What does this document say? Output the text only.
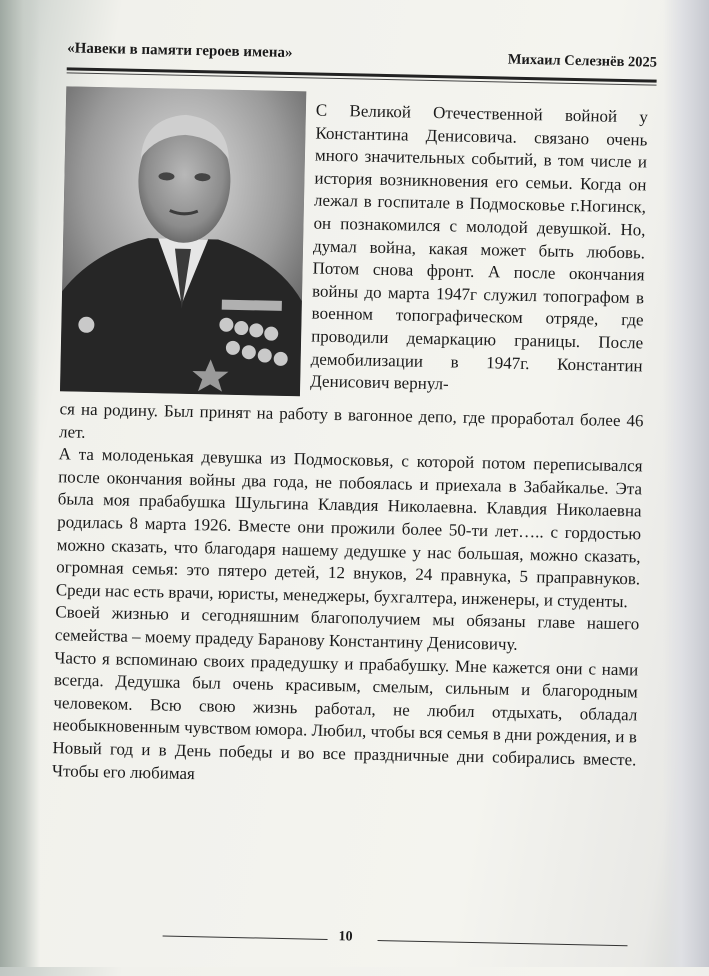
«Навеки в памяти героев имена»
Михаил Селезнёв 2025

С Великой Отечественной войной у Константина Денисовича. связано очень много значительных событий, в том числе и история возникновения его семьи. Когда он лежал в госпитале в Подмосковье г.Ногинск, он познакомился с молодой девушкой. Но, думал война, какая может быть любовь. Потом снова фронт. А после окончания войны до марта 1947г служил топографом в военном топографическом отряде, где проводили демаркацию границы. После демобилизации в 1947г. Константин Денисович вернул-

ся на родину. Был принят на работу в вагонное депо, где проработал более 46 лет.

А та молоденькая девушка из Подмосковья, с которой потом переписывался после окончания войны два года, не побоялась и приехала в Забайкалье. Эта была моя прабабушка Шульгина Клавдия Николаевна. Клавдия Николаевна родилась 8 марта 1926. Вместе они прожили более 50-ти лет….. с гордостью можно сказать, что благодаря нашему дедушке у нас большая, можно сказать, огромная семья: это пятеро детей, 12 внуков, 24 правнука, 5 праправнуков. Среди нас есть врачи, юристы, менеджеры, бухгалтера, инженеры, и студенты.

Своей жизнью и сегодняшним благополучием мы обязаны главе нашего семейства – моему прадеду Баранову Константину Денисовичу.

Часто я вспоминаю своих прадедушку и прабабушку. Мне кажется они с нами всегда. Дедушка был очень красивым, смелым, сильным и благородным человеком. Всю свою жизнь работал, не любил отдыхать, обладал необыкновенным чувством юмора. Любил, чтобы вся семья в дни рождения, и в Новый год и в День победы и во все праздничные дни собирались вместе. Чтобы его любимая

10
